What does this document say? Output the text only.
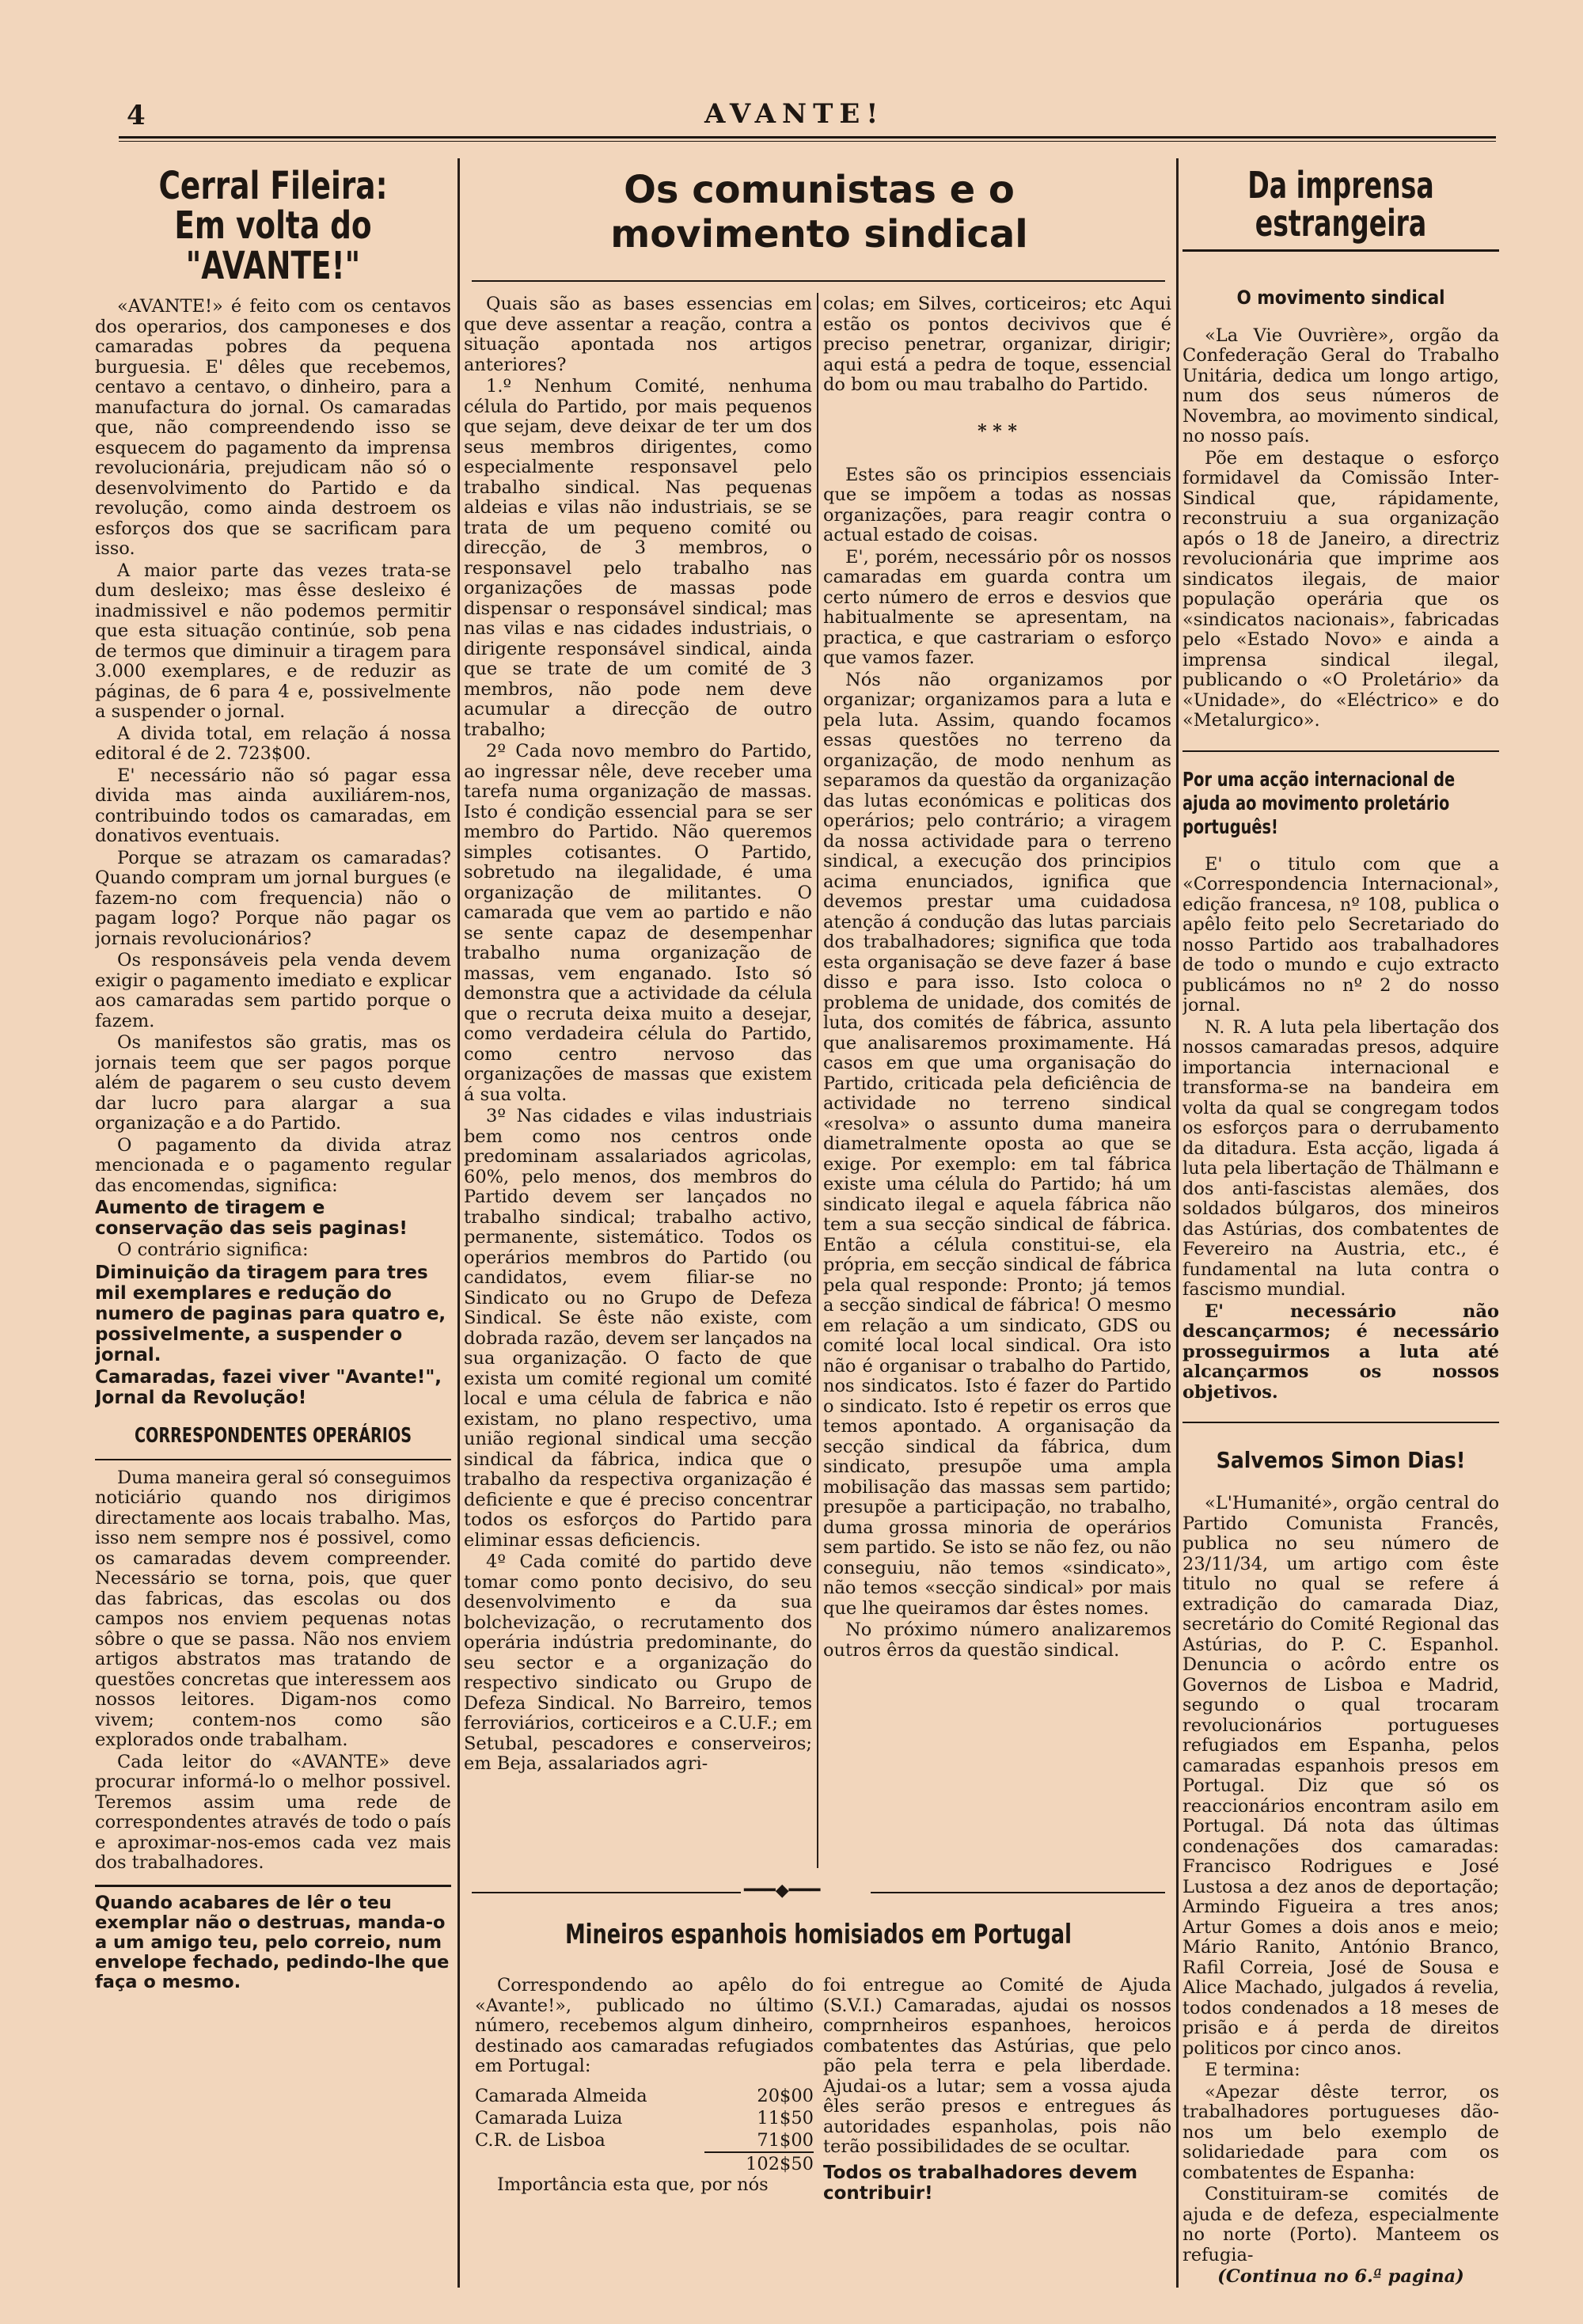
4	AVANTE!
Cerral Fileira: Em volta do "AVANTE!"

«AVANTE!» é feito com os centavos dos operarios, dos camponeses e dos camaradas pobres da pequena burguesia. E' dêles que recebemos, centavo a centavo, o dinheiro, para a manufactura do jornal. Os camaradas que, não compreendendo isso se esquecem do pagamento da imprensa revolucionária, prejudicam não só o desenvolvimento do Partido e da revolução, como ainda destroem os esforços dos que se sacrificam para isso.

A maior parte das vezes trata-se dum desleixo; mas êsse desleixo é inadmissivel e não podemos permitir que esta situação continúe, sob pena de termos que diminuir a tiragem para 3.000 exemplares, e de reduzir as páginas, de 6 para 4 e, possivelmente a suspender o jornal.

A divida total, em relação á nossa editoral é de 2. 723$00.

E' necessário não só pagar essa divida mas ainda auxiliárem-nos, contribuindo todos os camaradas, em donativos eventuais.

Porque se atrazam os camaradas? Quando compram um jornal burgues (e fazem-no com frequencia) não o pagam logo? Porque não pagar os jornais revolucionários?

Os responsáveis pela venda devem exigir o pagamento imediato e explicar aos camaradas sem partido porque o fazem.

Os manifestos são gratis, mas os jornais teem que ser pagos porque além de pagarem o seu custo devem dar lucro para alargar a sua organização e a do Partido.

O pagamento da divida atraz mencionada e o pagamento regular das encomendas, significa:

Aumento de tiragem e conservação das seis paginas!

O contrário significa:

Diminuição da tiragem para tres mil exemplares e redução do numero de paginas para quatro e, possivelmente, a suspender o jornal.

Camaradas, fazei viver "Avante!", Jornal da Revolução!

CORRESPONDENTES OPERÁRIOS

Duma maneira geral só conseguimos noticiário quando nos dirigimos directamente aos locais trabalho. Mas, isso nem sempre nos é possivel, como os camaradas devem compreender. Necessário se torna, pois, que quer das fabricas, das escolas ou dos campos nos enviem pequenas notas sôbre o que se passa. Não nos enviem artigos abstratos mas tratando de questões concretas que interessem aos nossos leitores. Digam-nos como vivem; contem-nos como são explorados onde trabalham.

Cada leitor do «AVANTE» deve procurar informá-lo o melhor possivel. Teremos assim uma rede de correspondentes através de todo o país e aproximar-nos-emos cada vez mais dos trabalhadores.

Quando acabares de lêr o teu exemplar não o destruas, manda-o a um amigo teu, pelo correio, num envelope fechado, pedindo-lhe que faça o mesmo.

Os comunistas e o movimento sindical

Quais são as bases essencias em que deve assentar a reação, contra a situação apontada nos artigos anteriores?

1.º Nenhum Comité, nenhuma célula do Partido, por mais pequenos que sejam, deve deixar de ter um dos seus membros dirigentes, como especialmente responsavel pelo trabalho sindical. Nas pequenas aldeias e vilas não industriais, se se trata de um pequeno comité ou direcção, de 3 membros, o responsavel pelo trabalho nas organizações de massas pode dispensar o responsável sindical; mas nas vilas e nas cidades industriais, o dirigente responsável sindical, ainda que se trate de um comité de 3 membros, não pode nem deve acumular a direcção de outro trabalho;

2º Cada novo membro do Partido, ao ingressar nêle, deve receber uma tarefa numa organização de massas. Isto é condição essencial para se ser membro do Partido. Não queremos simples cotisantes. O Partido, sobretudo na ilegalidade, é uma organização de militantes. O camarada que vem ao partido e não se sente capaz de desempenhar trabalho numa organização de massas, vem enganado. Isto só demonstra que a actividade da célula que o recruta deixa muito a desejar, como verdadeira célula do Partido, como centro nervoso das organizações de massas que existem á sua volta.

3º Nas cidades e vilas industriais bem como nos centros onde predominam assalariados agricolas, 60%, pelo menos, dos membros do Partido devem ser lançados no trabalho sindical; trabalho activo, permanente, sistemático. Todos os operários membros do Partido (ou candidatos, evem filiar-se no Sindicato ou no Grupo de Defeza Sindical. Se êste não existe, com dobrada razão, devem ser lançados na sua organização. O facto de que exista um comité regional um comité local e uma célula de fabrica e não existam, no plano respectivo, uma união regional sindical uma secção sindical da fábrica, indica que o trabalho da respectiva organização é deficiente e que é preciso concentrar todos os esforços do Partido para eliminar essas deficiencis.

4º Cada comité do partido deve tomar como ponto decisivo, do seu desenvolvimento e da sua bolchevização, o recrutamento dos operária indústria predominante, do seu sector e a organização do respectivo sindicato ou Grupo de Defeza Sindical. No Barreiro, temos ferroviários, corticeiros e a C.U.F.; em Setubal, pescadores e conserveiros; em Beja, assalariados agri-

colas; em Silves, corticeiros; etc Aqui estão os pontos decivivos que é preciso penetrar, organizar, dirigir; aqui está a pedra de toque, essencial do bom ou mau trabalho do Partido.

* * *

Estes são os principios essenciais que se impõem a todas as nossas organizações, para reagir contra o actual estado de coisas.

E', porém, necessário pôr os nossos camaradas em guarda contra um certo número de erros e desvios que habitualmente se apresentam, na practica, e que castrariam o esforço que vamos fazer.

Nós não organizamos por organizar; organizamos para a luta e pela luta. Assim, quando focamos essas questões no terreno da organização, de modo nenhum as separamos da questão da organização das lutas económicas e politicas dos operários; pelo contrário; a viragem da nossa actividade para o terreno sindical, a execução dos principios acima enunciados, ignifica que devemos prestar uma cuidadosa atenção á condução das lutas parciais dos trabalhadores; significa que toda esta organisação se deve fazer á base disso e para isso. Isto coloca o problema de unidade, dos comités de luta, dos comités de fábrica, assunto que analisaremos proximamente. Há casos em que uma organisação do Partido, criticada pela deficiência de actividade no terreno sindical «resolva» o assunto duma maneira diametralmente oposta ao que se exige. Por exemplo: em tal fábrica existe uma célula do Partido; há um sindicato ilegal e aquela fábrica não tem a sua secção sindical de fábrica. Então a célula constitui-se, ela própria, em secção sindical de fábrica pela qual responde: Pronto; já temos a secção sindical de fábrica! O mesmo em relação a um sindicato, GDS ou comité local local sindical. Ora isto não é organisar o trabalho do Partido, nos sindicatos. Isto é fazer do Partido o sindicato. Isto é repetir os erros que temos apontado. A organisação da secção sindical da fábrica, dum sindicato, presupõe uma ampla mobilisação das massas sem partido; presupõe a participação, no trabalho, duma grossa minoria de operários sem partido. Se isto se não fez, ou não conseguiu, não temos «sindicato», não temos «secção sindical» por mais que lhe queiramos dar êstes nomes.

No próximo número analizaremos outros êrros da questão sindical.

━━━◆━━━
Mineiros espanhois homisiados em Portugal

Correspondendo ao apêlo do «Avante!», publicado no último número, recebemos algum dinheiro, destinado aos camaradas refugiados em Portugal:

Camarada Almeida	20$00
Camarada Luiza	11$50
C.R. de Lisboa	71$00
102$50

Importância esta que, por nós

foi entregue ao Comité de Ajuda (S.V.I.) Camaradas, ajudai os nossos comprnheiros espanhoes, heroicos combatentes das Astúrias, que pelo pão pela terra e pela liberdade. Ajudai-os a lutar; sem a vossa ajuda êles serão presos e entregues ás autoridades espanholas, pois não terão possibilidades de se ocultar.

Todos os trabalhadores devem contribuir!

Da imprensa estrangeira
O movimento sindical

«La Vie Ouvrière», orgão da Confederação Geral do Trabalho Unitária, dedica um longo artigo, num dos seus números de Novembra, ao movimento sindical, no nosso país.

Põe em destaque o esforço formidavel da Comissão Inter-Sindical que, rápidamente, reconstruiu a sua organização após o 18 de Janeiro, a directriz revolucionária que imprime aos sindicatos ilegais, de maior população operária que os «sindicatos nacionais», fabricadas pelo «Estado Novo» e ainda a imprensa sindical ilegal, publicando o «O Proletário» da «Unidade», do «Eléctrico» e do «Metalurgico».

Por uma acção internacional de ajuda ao movimento proletário português!

E' o titulo com que a «Correspondencia Internacional», edição francesa, nº 108, publica o apêlo feito pelo Secretariado do nosso Partido aos trabalhadores de todo o mundo e cujo extracto publicámos no nº 2 do nosso jornal.

N. R. A luta pela libertação dos nossos camaradas presos, adquire importancia internacional e transforma-se na bandeira em volta da qual se congregam todos os esforços para o derrubamento da ditadura. Esta acção, ligada á luta pela libertação de Thälmann e dos anti-fascistas alemães, dos soldados búlgaros, dos mineiros das Astúrias, dos combatentes de Fevereiro na Austria, etc., é fundamental na luta contra o fascismo mundial.

E' necessário não descançarmos; é necessário prosseguirmos a luta até alcançarmos os nossos objetivos.

Salvemos Simon Dias!

«L'Humanité», orgão central do Partido Comunista Francês, publica no seu número de 23/11/34, um artigo com êste titulo no qual se refere á extradição do camarada Diaz, secretário do Comité Regional das Astúrias, do P. C. Espanhol. Denuncia o acôrdo entre os Governos de Lisboa e Madrid, segundo o qual trocaram revolucionários portugueses refugiados em Espanha, pelos camaradas espanhois presos em Portugal. Diz que só os reaccionários encontram asilo em Portugal. Dá nota das últimas condenações dos camaradas: Francisco Rodrigues e José Lustosa a dez anos de deportação; Armindo Figueira a tres anos; Artur Gomes a dois anos e meio; Mário Ranito, António Branco, Rafil Correia, José de Sousa e Alice Machado, julgados á revelia, todos condenados a 18 meses de prisão e á perda de direitos politicos por cinco anos.

E termina:

«Apezar dêste terror, os trabalhadores portugueses dão-nos um belo exemplo de solidariedade para com os combatentes de Espanha:

Constituiram-se comités de ajuda e de defeza, especialmente no norte (Porto). Manteem os refugia-

(Continua no 6.ª pagina)
